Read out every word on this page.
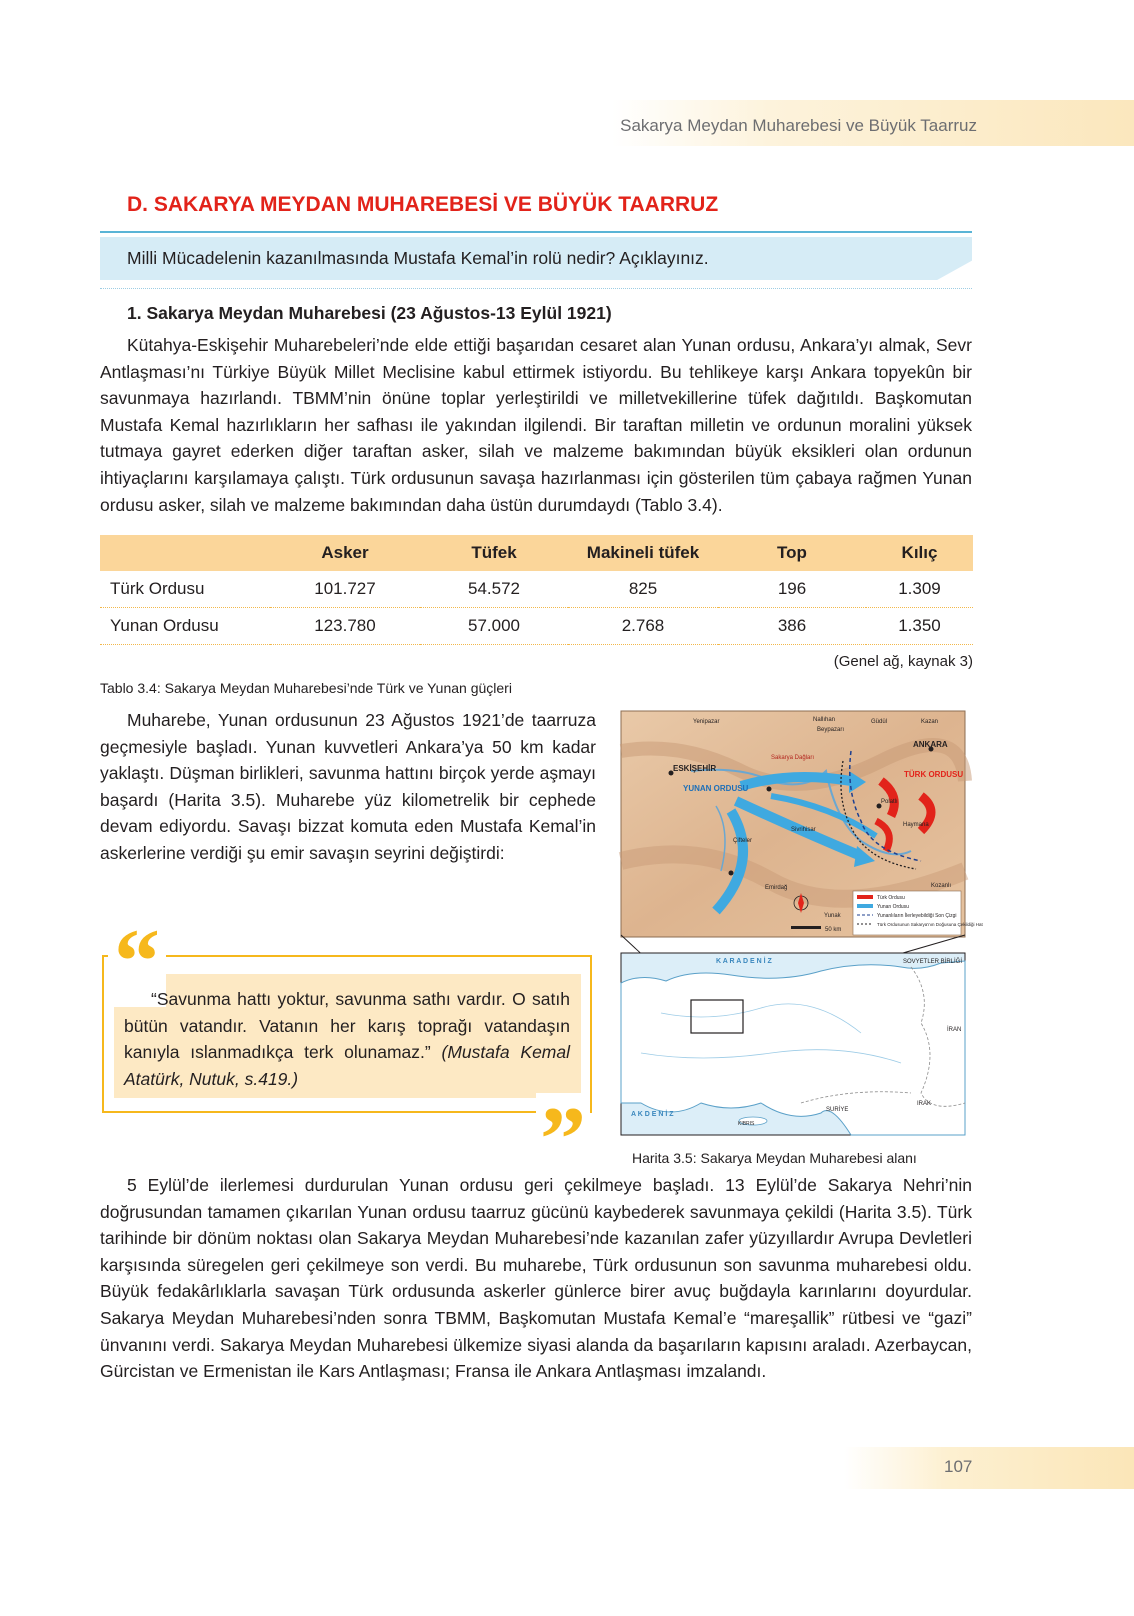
Sakarya Meydan Muharebesi ve Büyük Taarruz
D. SAKARYA MEYDAN MUHAREBESİ VE BÜYÜK TAARRUZ
Milli Mücadelenin kazanılmasında Mustafa Kemal’in rolü nedir? Açıklayınız.
1. Sakarya Meydan Muharebesi (23 Ağustos-13 Eylül 1921)

Kütahya-Eskişehir Muharebeleri’nde elde ettiği başarıdan cesaret alan Yunan ordusu, Ankara’yı almak, Sevr Antlaşması’nı Türkiye Büyük Millet Meclisine kabul ettirmek istiyordu. Bu tehlikeye karşı Ankara topyekûn bir savunmaya hazırlandı. TBMM’nin önüne toplar yerleştirildi ve milletvekillerine tüfek dağıtıldı. Başkomutan Mustafa Kemal hazırlıkların her safhası ile yakından ilgilendi. Bir taraftan milletin ve ordunun moralini yüksek tutmaya gayret ederken diğer taraftan asker, silah ve malzeme bakımından büyük eksikleri olan ordunun ihtiyaçlarını karşılamaya çalıştı. Türk ordusunun savaşa hazırlanması için gösterilen tüm çabaya rağmen Yunan ordusu asker, silah ve malzeme bakımından daha üstün durumdaydı (Tablo 3.4).

	Asker	Tüfek	Makineli tüfek	Top	Kılıç
Türk Ordusu	101.727	54.572	825	196	1.309
Yunan Ordusu	123.780	57.000	2.768	386	1.350
(Genel ağ, kaynak 3)
Tablo 3.4: Sakarya Meydan Muharebesi’nde Türk ve Yunan güçleri

Muharebe, Yunan ordusunun 23 Ağustos 1921’de taarruza geçmesiyle başladı. Yunan kuvvetleri Ankara’ya 50 km kadar yaklaştı. Düşman birlikleri, savunma hattını birçok yerde aşmayı başardı (Harita 3.5). Muharebe yüz kilometrelik bir cephede devam ediyordu. Savaşı bizzat komuta eden Mustafa Kemal’in askerlerine verdiği şu emir savaşın seyrini değiştirdi:

“
”

“Savunma hattı yoktur, savunma sathı vardır. O satıh bütün vatandır. Vatanın her karış toprağı vatandaşın kanıyla ıslanmadıkça terk olunamaz.” (Mustafa Kemal Atatürk, Nutuk, s.419.)

ESKİŞEHİR
ANKARA
TÜRK ORDUSU
YUNAN ORDUSU
Yenipazar	Nallıhan
Beypazarı
Güdül	Kazan
Sakarya Dağları
Polatlı
Haymana
Sivrihisar
Çifteler
Emirdağ
Yunak
Kozanlı
50 km
Türk Ordusu
Yunan Ordusu
Yunanlıların İlerleyebildiği Son Çizgi
Türk Ordusunun Sakarya’nın Doğusuna Çekildiği Hat
K A R A D E N İ Z
A K D E N İ Z
SOVYETLER BİRLİĞİ
İRAN
IRAK
SURİYE
KIBRIS
Harita 3.5: Sakarya Meydan Muharebesi alanı

5 Eylül’de ilerlemesi durdurulan Yunan ordusu geri çekilmeye başladı. 13 Eylül’de Sakarya Nehri’nin doğrusundan tamamen çıkarılan Yunan ordusu taarruz gücünü kaybederek savunmaya çekildi (Harita 3.5). Türk tarihinde bir dönüm noktası olan Sakarya Meydan Muharebesi’nde kazanılan zafer yüzyıllardır Avrupa Devletleri karşısında süregelen geri çekilmeye son verdi. Bu muharebe, Türk ordusunun son savunma muharebesi oldu. Büyük fedakârlıklarla savaşan Türk ordusunda askerler günlerce birer avuç buğdayla karınlarını doyurdular. Sakarya Meydan Muharebesi’nden sonra TBMM, Başkomutan Mustafa Kemal’e “mareşallik” rütbesi ve “gazi” ünvanını verdi. Sakarya Meydan Muharebesi ülkemize siyasi alanda da başarıların kapısını araladı. Azerbaycan, Gürcistan ve Ermenistan ile Kars Antlaşması; Fransa ile Ankara Antlaşması imzalandı.

107
